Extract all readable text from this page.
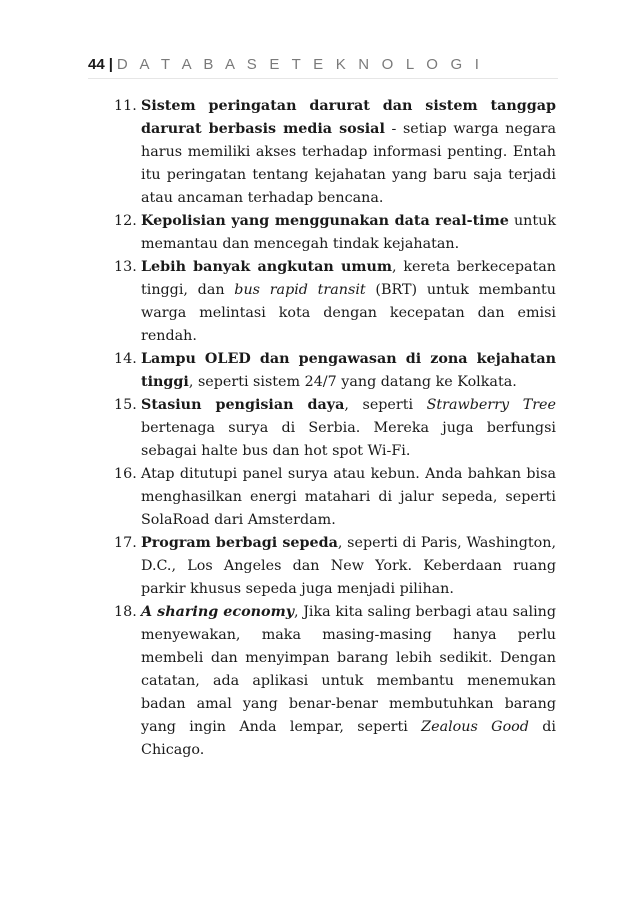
44 | D A T A B A S E T E K N O L O G I
11. Sistem peringatan darurat dan sistem tanggap darurat berbasis media sosial - setiap warga negara harus memiliki akses terhadap informasi penting. Entah itu peringatan tentang kejahatan yang baru saja terjadi atau ancaman terhadap bencana.
12. Kepolisian yang menggunakan data real-time untuk memantau dan mencegah tindak kejahatan.
13. Lebih banyak angkutan umum, kereta berkecepatan tinggi, dan bus rapid transit (BRT) untuk membantu warga melintasi kota dengan kecepatan dan emisi rendah.
14. Lampu OLED dan pengawasan di zona kejahatan tinggi, seperti sistem 24/7 yang datang ke Kolkata.
15. Stasiun pengisian daya, seperti Strawberry Tree bertenaga surya di Serbia. Mereka juga berfungsi sebagai halte bus dan hot spot Wi-Fi.
16. Atap ditutupi panel surya atau kebun. Anda bahkan bisa menghasilkan energi matahari di jalur sepeda, seperti SolaRoad dari Amsterdam.
17. Program berbagi sepeda, seperti di Paris, Washington, D.C., Los Angeles dan New York. Keberdaan ruang parkir khusus sepeda juga menjadi pilihan.
18. A sharing economy, Jika kita saling berbagi atau saling menyewakan, maka masing-masing hanya perlu membeli dan menyimpan barang lebih sedikit. Dengan catatan, ada aplikasi untuk membantu menemukan badan amal yang benar-benar membutuhkan barang yang ingin Anda lempar, seperti Zealous Good di Chicago.
